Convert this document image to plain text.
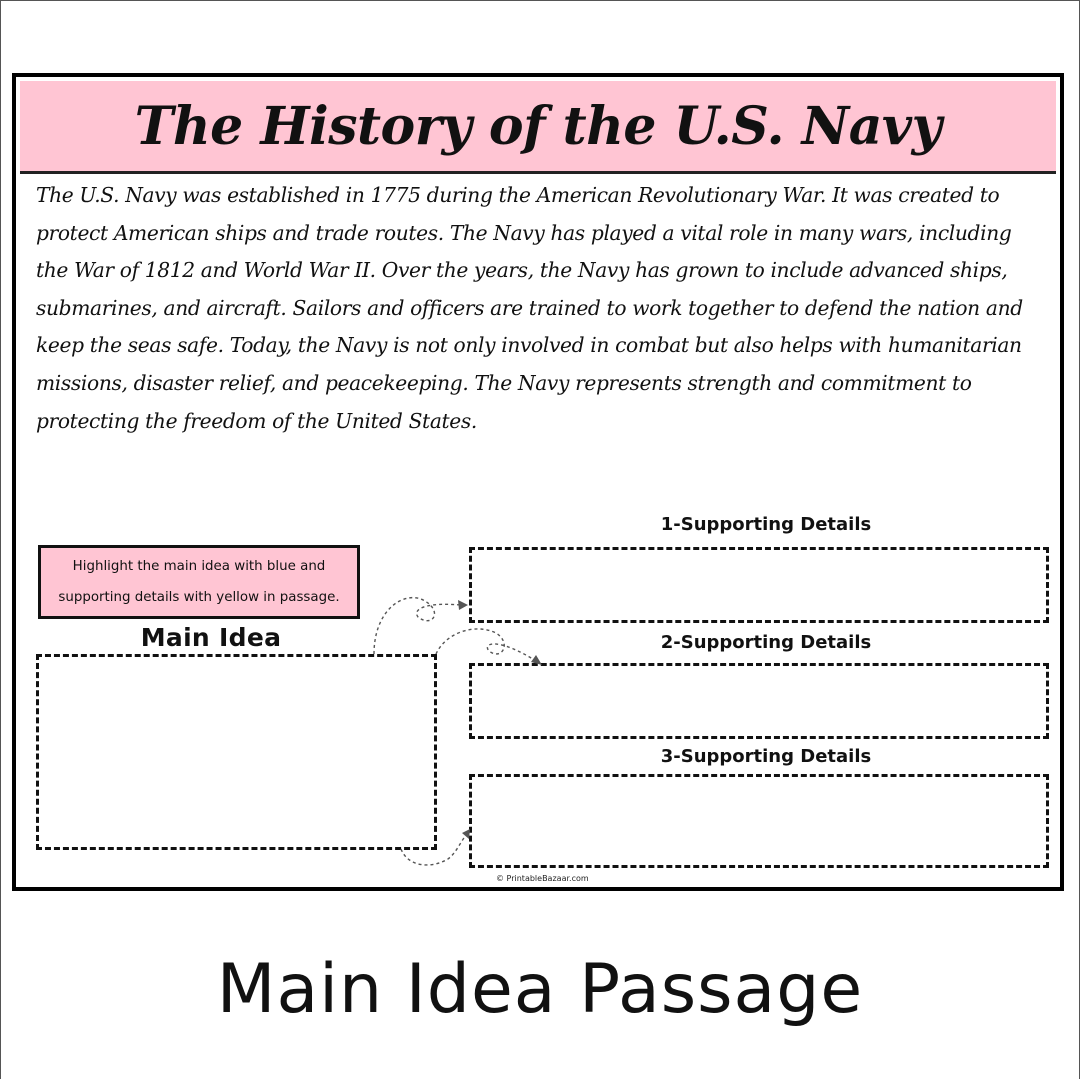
The History of the U.S. Navy

The U.S. Navy was established in 1775 during the American Revolutionary War. It was created to protect American ships and trade routes. The Navy has played a vital role in many wars, including the War of 1812 and World War II. Over the years, the Navy has grown to include advanced ships, submarines, and aircraft. Sailors and officers are trained to work together to defend the nation and keep the seas safe. Today, the Navy is not only involved in combat but also helps with humanitarian missions, disaster relief, and peacekeeping. The Navy represents strength and commitment to protecting the freedom of the United States.

Highlight the main idea with blue and supporting details with yellow in passage.
Main Idea
1-Supporting Details
2-Supporting Details
3-Supporting Details
© PrintableBazaar.com
Main Idea Passage
